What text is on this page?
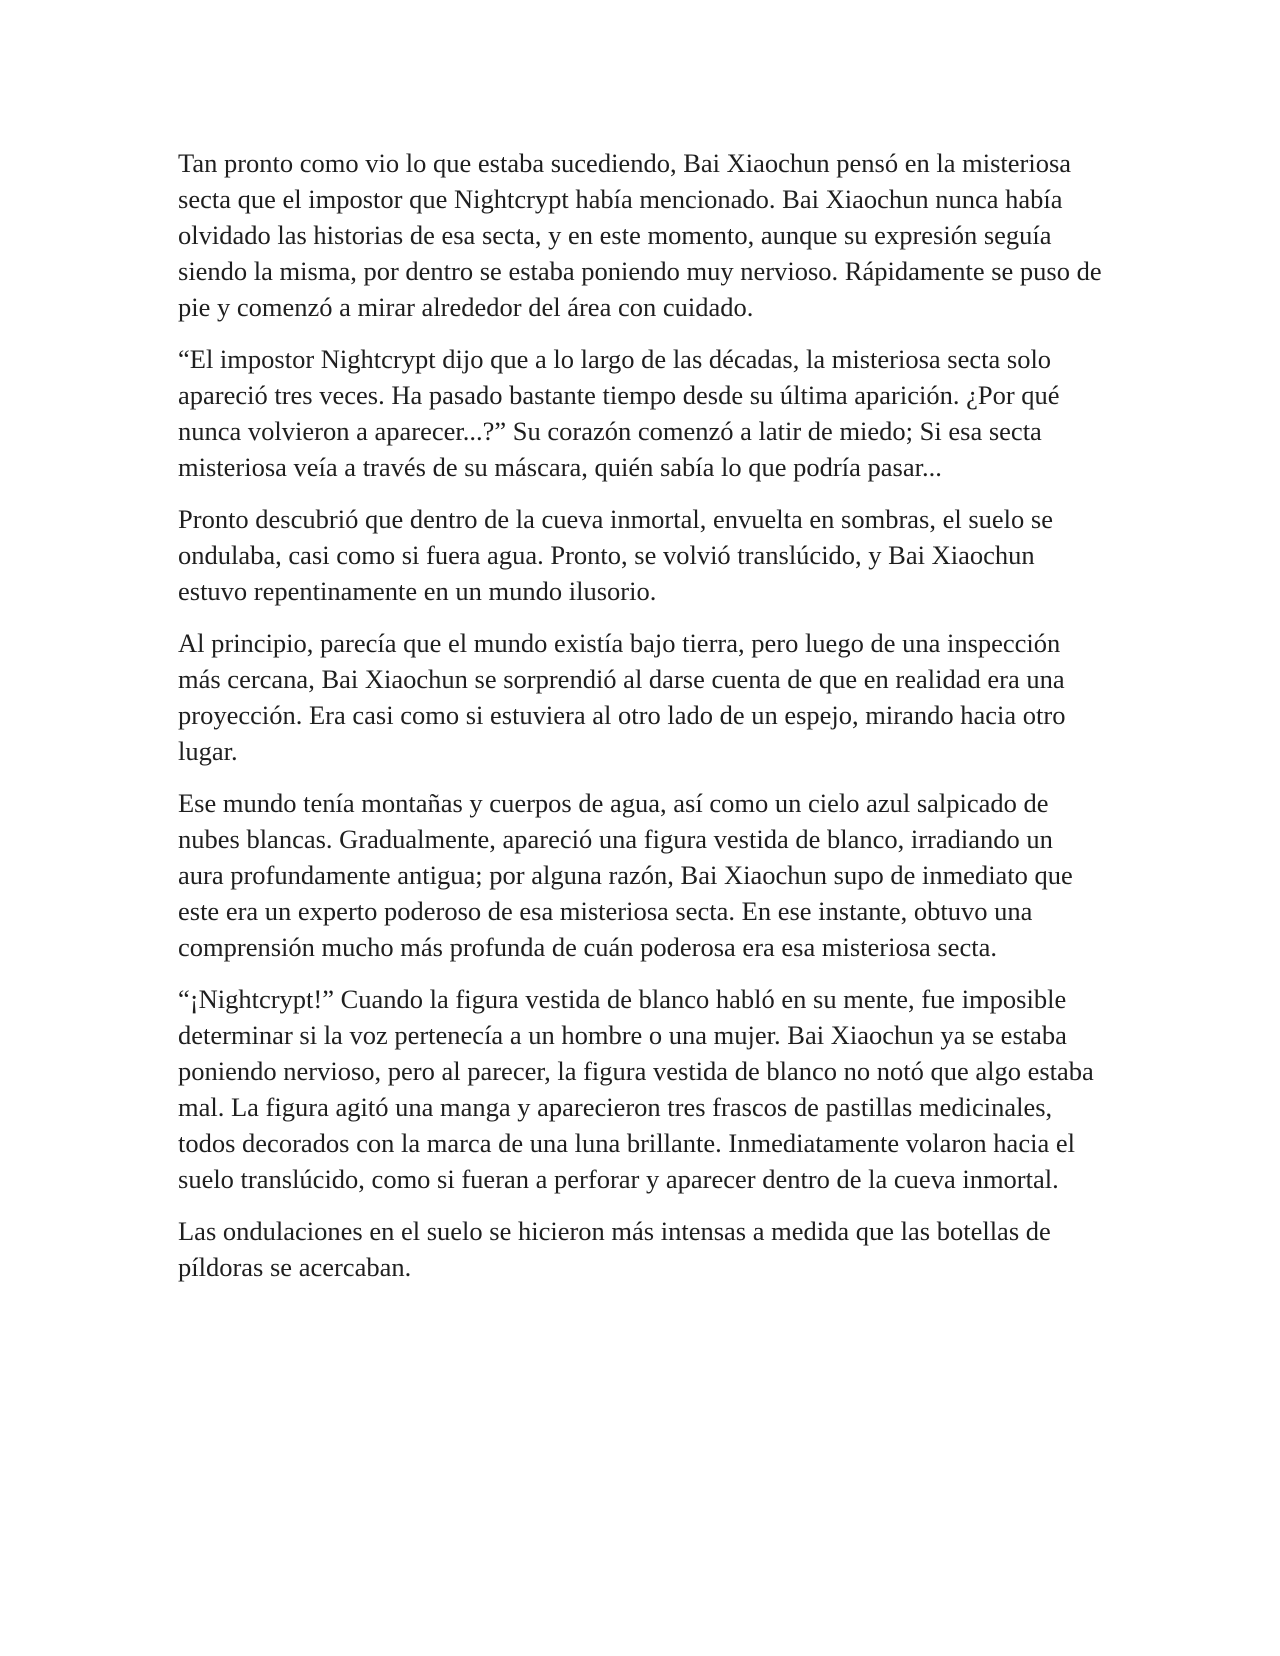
Tan pronto como vio lo que estaba sucediendo, Bai Xiaochun pensó en la misteriosa secta que el impostor que Nightcrypt había mencionado. Bai Xiaochun nunca había olvidado las historias de esa secta, y en este momento, aunque su expresión seguía siendo la misma, por dentro se estaba poniendo muy nervioso. Rápidamente se puso de pie y comenzó a mirar alrededor del área con cuidado.

“El impostor Nightcrypt dijo que a lo largo de las décadas, la misteriosa secta solo apareció tres veces. Ha pasado bastante tiempo desde su última aparición. ¿Por qué nunca volvieron a aparecer...?” Su corazón comenzó a latir de miedo; Si esa secta misteriosa veía a través de su máscara, quién sabía lo que podría pasar...

Pronto descubrió que dentro de la cueva inmortal, envuelta en sombras, el suelo se ondulaba, casi como si fuera agua. Pronto, se volvió translúcido, y Bai Xiaochun estuvo repentinamente en un mundo ilusorio.

Al principio, parecía que el mundo existía bajo tierra, pero luego de una inspección más cercana, Bai Xiaochun se sorprendió al darse cuenta de que en realidad era una proyección. Era casi como si estuviera al otro lado de un espejo, mirando hacia otro lugar.

Ese mundo tenía montañas y cuerpos de agua, así como un cielo azul salpicado de nubes blancas. Gradualmente, apareció una figura vestida de blanco, irradiando un aura profundamente antigua; por alguna razón, Bai Xiaochun supo de inmediato que este era un experto poderoso de esa misteriosa secta. En ese instante, obtuvo una comprensión mucho más profunda de cuán poderosa era esa misteriosa secta.

“¡Nightcrypt!” Cuando la figura vestida de blanco habló en su mente, fue imposible determinar si la voz pertenecía a un hombre o una mujer. Bai Xiaochun ya se estaba poniendo nervioso, pero al parecer, la figura vestida de blanco no notó que algo estaba mal. La figura agitó una manga y aparecieron tres frascos de pastillas medicinales, todos decorados con la marca de una luna brillante. Inmediatamente volaron hacia el suelo translúcido, como si fueran a perforar y aparecer dentro de la cueva inmortal.

Las ondulaciones en el suelo se hicieron más intensas a medida que las botellas de píldoras se acercaban.
